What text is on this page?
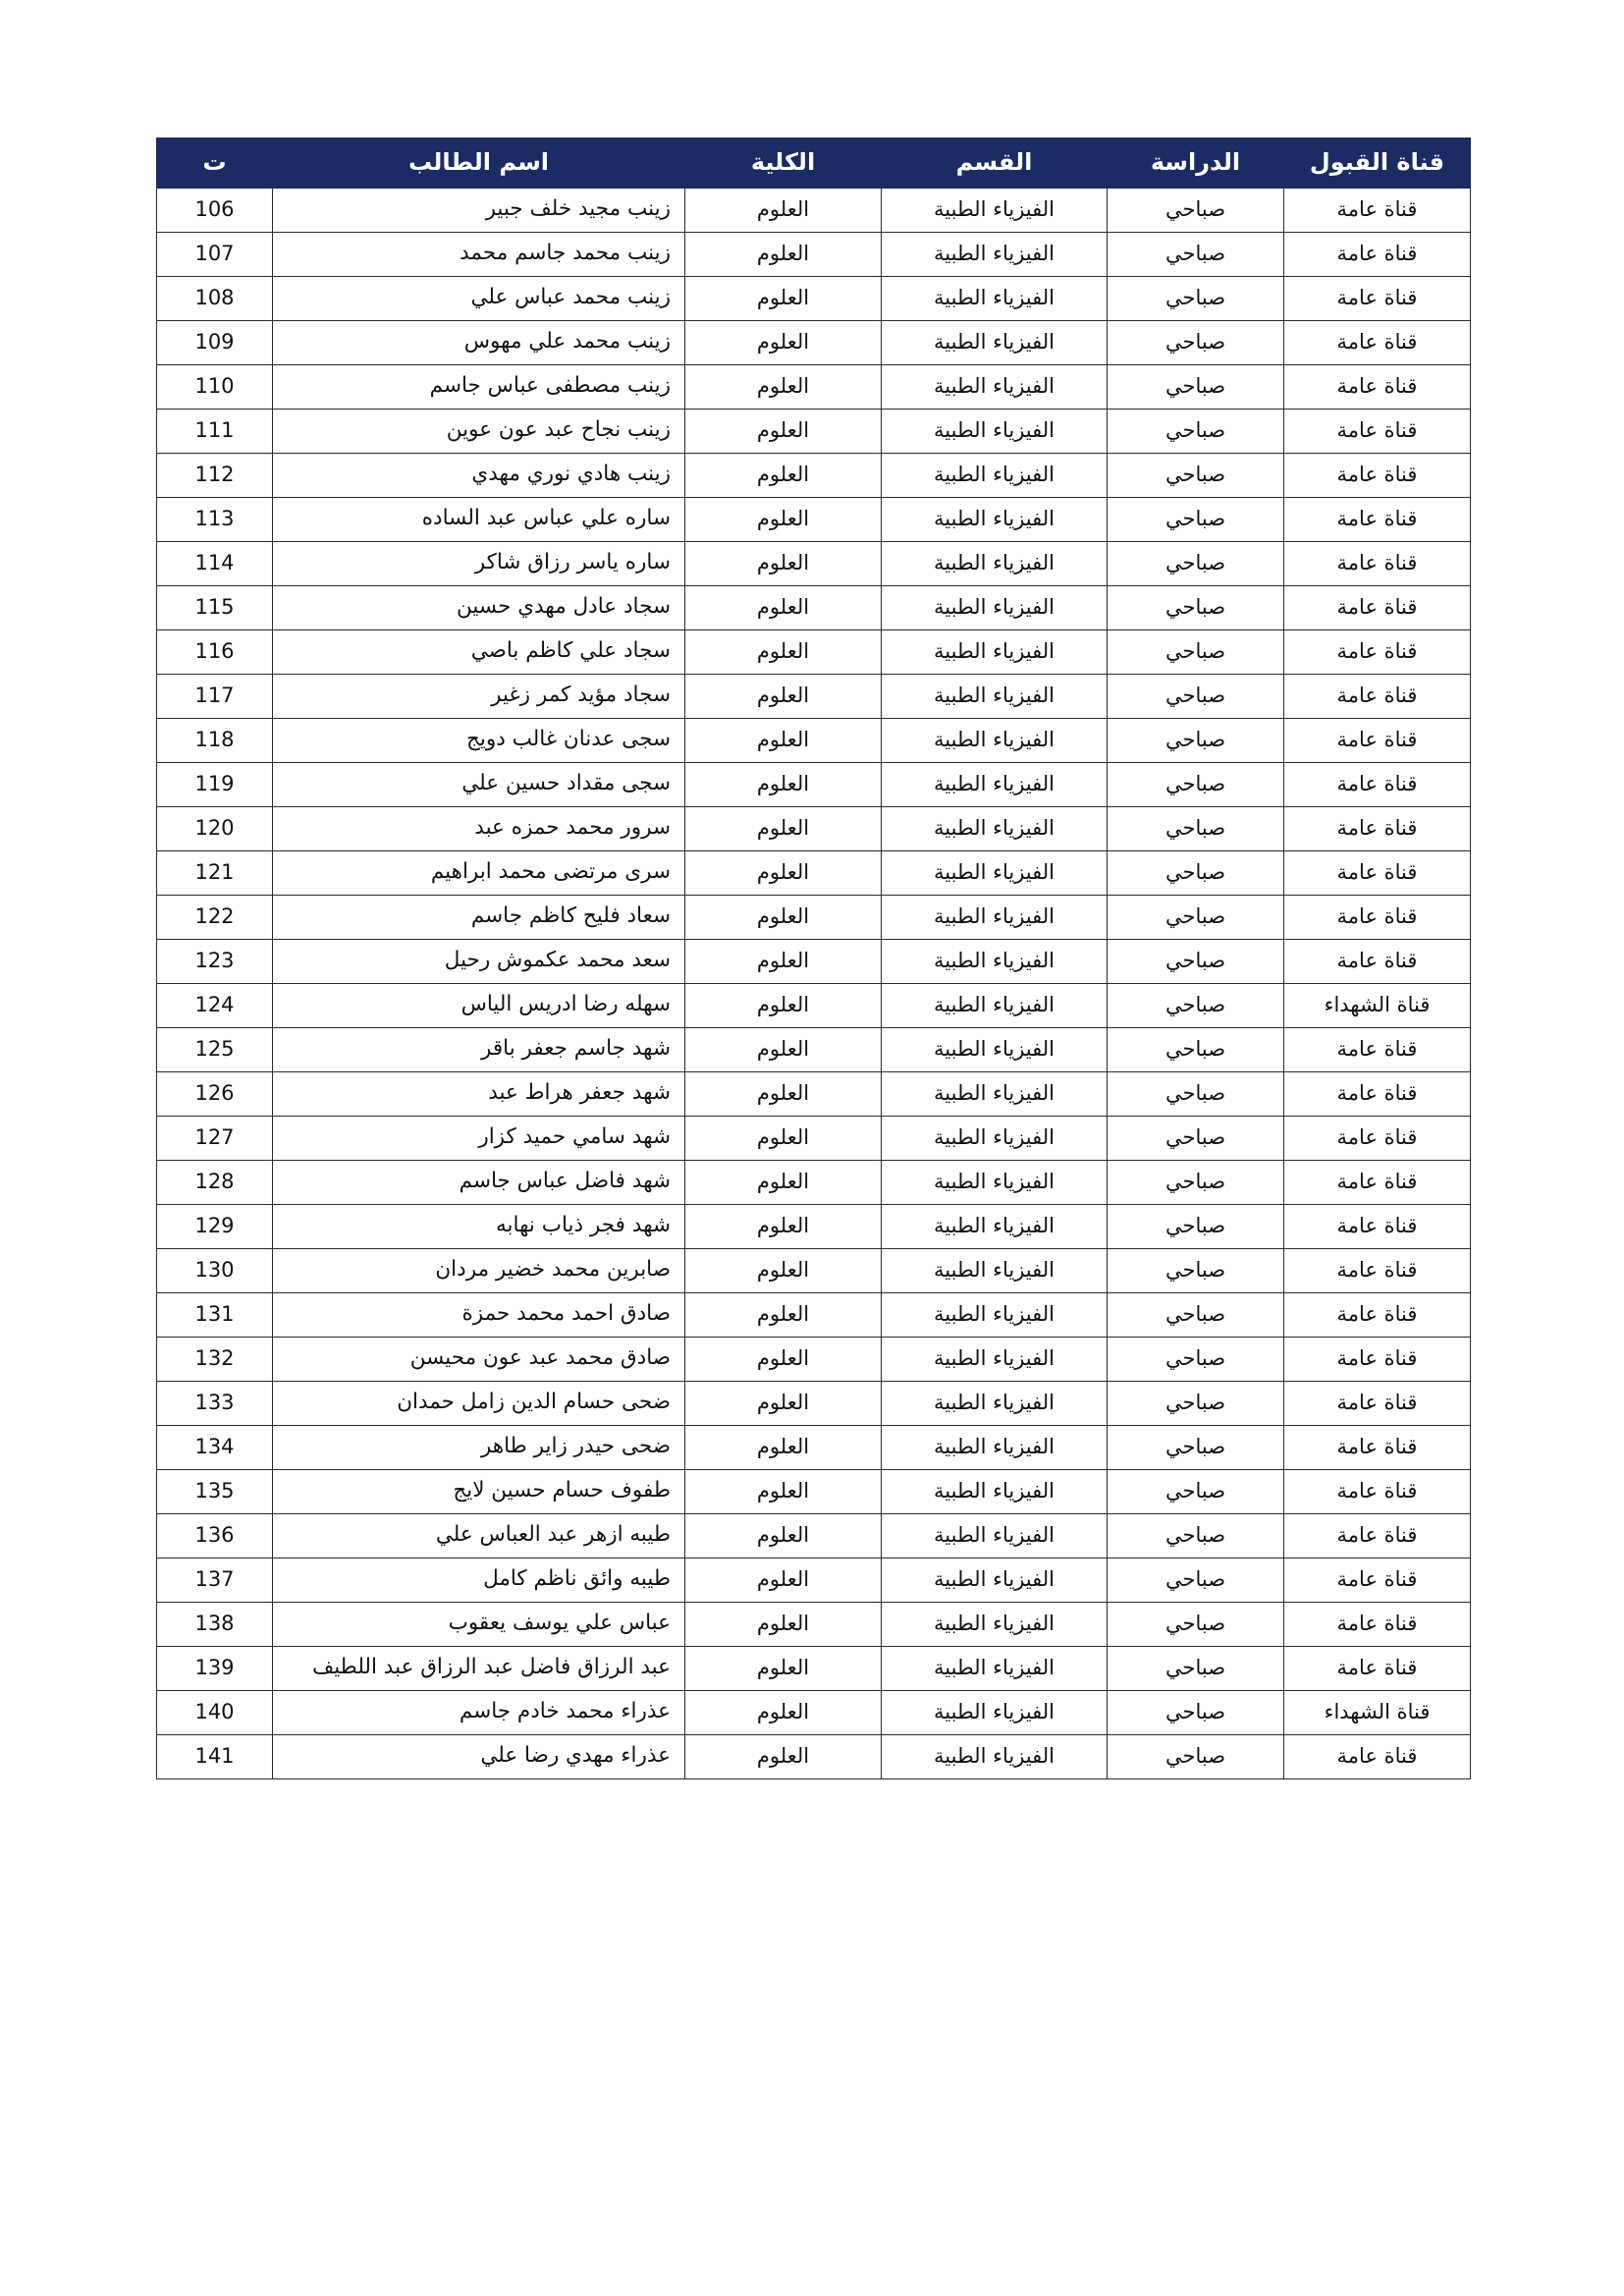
قناة القبول	الدراسة	القسم	الكلية	اسم الطالب	ت
قناة عامة	صباحي	الفيزياء الطبية	العلوم	زينب مجيد خلف جبير	106
قناة عامة	صباحي	الفيزياء الطبية	العلوم	زينب محمد جاسم محمد	107
قناة عامة	صباحي	الفيزياء الطبية	العلوم	زينب محمد عباس علي	108
قناة عامة	صباحي	الفيزياء الطبية	العلوم	زينب محمد علي مهوس	109
قناة عامة	صباحي	الفيزياء الطبية	العلوم	زينب مصطفى عباس جاسم	110
قناة عامة	صباحي	الفيزياء الطبية	العلوم	زينب نجاح عبد عون عوين	111
قناة عامة	صباحي	الفيزياء الطبية	العلوم	زينب هادي نوري مهدي	112
قناة عامة	صباحي	الفيزياء الطبية	العلوم	ساره علي عباس عبد الساده	113
قناة عامة	صباحي	الفيزياء الطبية	العلوم	ساره ياسر رزاق شاكر	114
قناة عامة	صباحي	الفيزياء الطبية	العلوم	سجاد عادل مهدي حسين	115
قناة عامة	صباحي	الفيزياء الطبية	العلوم	سجاد علي كاظم باصي	116
قناة عامة	صباحي	الفيزياء الطبية	العلوم	سجاد مؤيد كمر زغير	117
قناة عامة	صباحي	الفيزياء الطبية	العلوم	سجى عدنان غالب دويج	118
قناة عامة	صباحي	الفيزياء الطبية	العلوم	سجى مقداد حسين علي	119
قناة عامة	صباحي	الفيزياء الطبية	العلوم	سرور محمد حمزه عبد	120
قناة عامة	صباحي	الفيزياء الطبية	العلوم	سرى مرتضى محمد ابراهيم	121
قناة عامة	صباحي	الفيزياء الطبية	العلوم	سعاد فليح كاظم جاسم	122
قناة عامة	صباحي	الفيزياء الطبية	العلوم	سعد محمد عكموش رحيل	123
قناة الشهداء	صباحي	الفيزياء الطبية	العلوم	سهله رضا ادريس الياس	124
قناة عامة	صباحي	الفيزياء الطبية	العلوم	شهد جاسم جعفر باقر	125
قناة عامة	صباحي	الفيزياء الطبية	العلوم	شهد جعفر هراط عبد	126
قناة عامة	صباحي	الفيزياء الطبية	العلوم	شهد سامي حميد كزار	127
قناة عامة	صباحي	الفيزياء الطبية	العلوم	شهد فاضل عباس جاسم	128
قناة عامة	صباحي	الفيزياء الطبية	العلوم	شهد فجر ذياب نهابه	129
قناة عامة	صباحي	الفيزياء الطبية	العلوم	صابرين محمد خضير مردان	130
قناة عامة	صباحي	الفيزياء الطبية	العلوم	صادق احمد محمد حمزة	131
قناة عامة	صباحي	الفيزياء الطبية	العلوم	صادق محمد عبد عون محيسن	132
قناة عامة	صباحي	الفيزياء الطبية	العلوم	ضحى حسام الدين زامل حمدان	133
قناة عامة	صباحي	الفيزياء الطبية	العلوم	ضحى حيدر زاير طاهر	134
قناة عامة	صباحي	الفيزياء الطبية	العلوم	طفوف حسام حسين لايج	135
قناة عامة	صباحي	الفيزياء الطبية	العلوم	طيبه ازهر عبد العباس علي	136
قناة عامة	صباحي	الفيزياء الطبية	العلوم	طيبه وائق ناظم كامل	137
قناة عامة	صباحي	الفيزياء الطبية	العلوم	عباس علي يوسف يعقوب	138
قناة عامة	صباحي	الفيزياء الطبية	العلوم	عبد الرزاق فاضل عبد الرزاق عبد اللطيف	139
قناة الشهداء	صباحي	الفيزياء الطبية	العلوم	عذراء محمد خادم جاسم	140
قناة عامة	صباحي	الفيزياء الطبية	العلوم	عذراء مهدي رضا علي	141
